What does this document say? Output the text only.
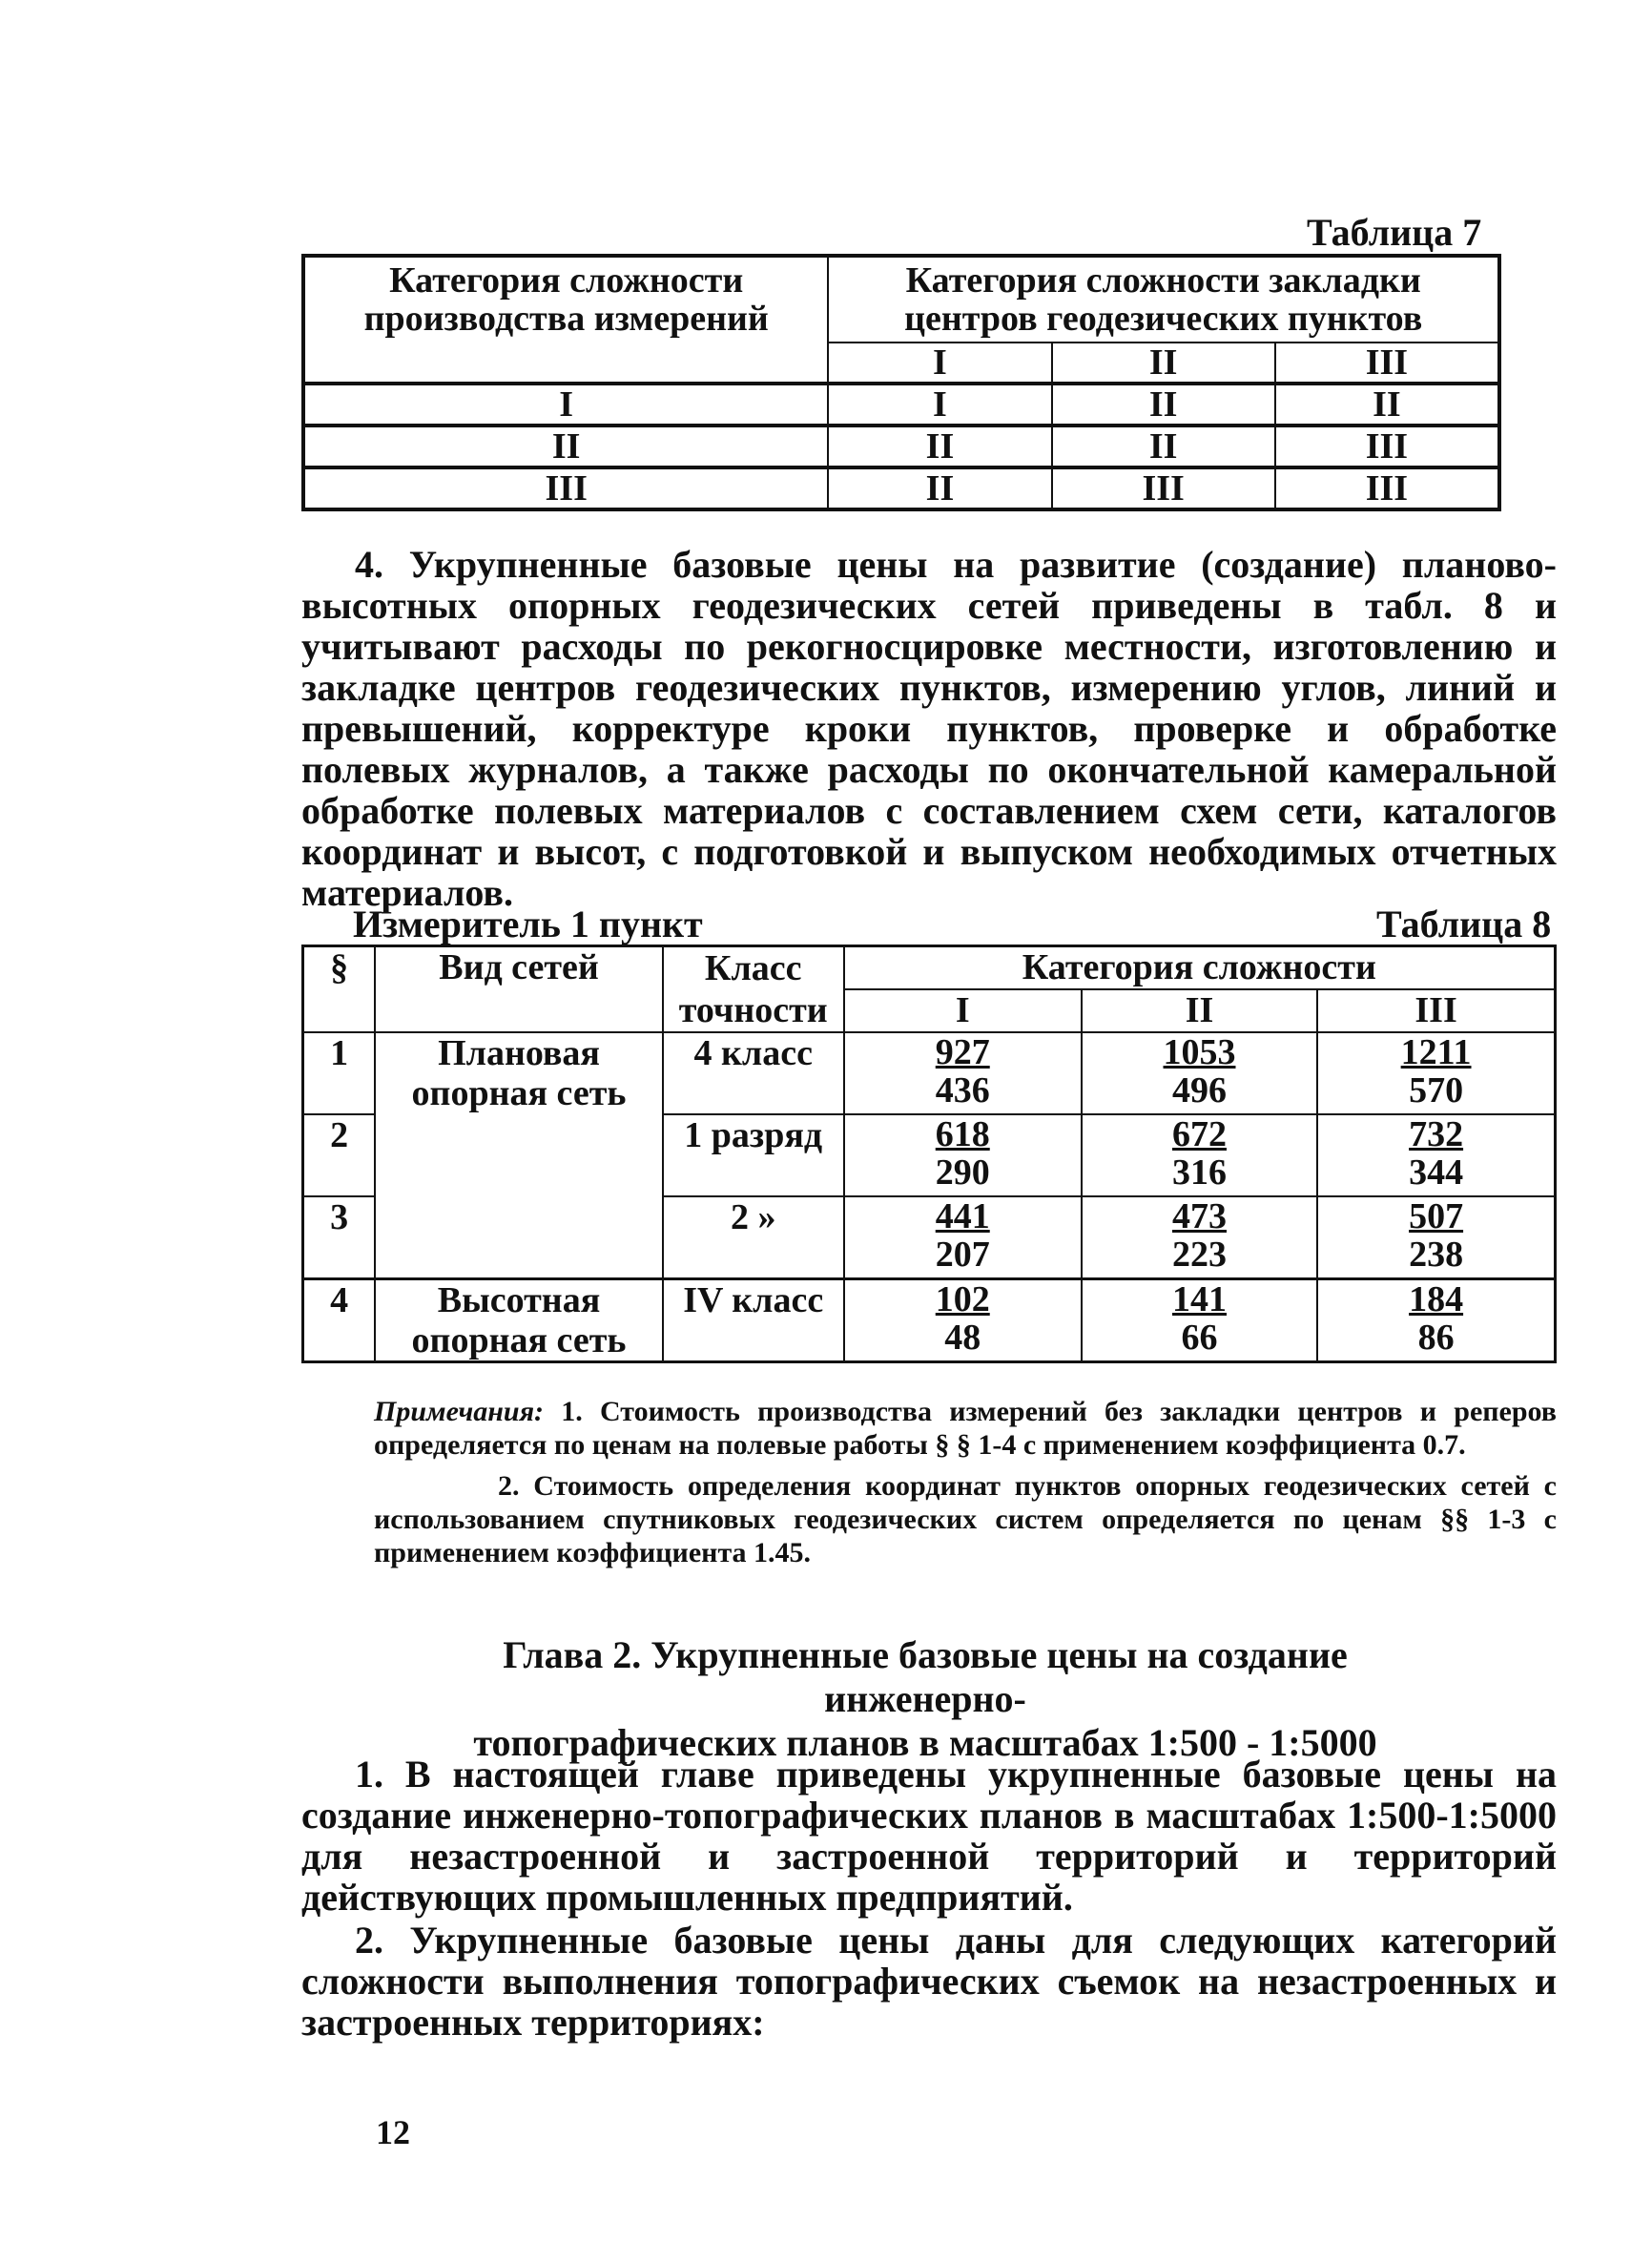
Таблица 7
Категория сложности производства измерений	Категория сложности закладки центров геодезических пунктов		
	I	II	III
I	I	II	II
II	II	II	III
III	II	III	III

4. Укрупненные базовые цены на развитие (создание) планово-высотных опорных геодезических сетей приведены в табл. 8 и учитывают расходы по рекогносцировке местности, изготовлению и закладке центров геодезических пунктов, измерению углов, линий и превышений, корректуре кроки пунктов, проверке и обработке полевых журналов, а также расходы по окончательной камеральной обработке полевых материалов с составлением схем сети, каталогов координат и высот, с подготовкой и выпуском необходимых отчетных материалов.

Измеритель 1 пункт	Таблица 8
§	Вид сетей	Класс точности	Категория сложности		
			I	II	III
1	Плановая опорная сеть	4 класс	$\frac{927}{436}$	$\frac{1053}{496}$	$\frac{1211}{570}$

2		1 разряд	$\frac{618}{290}$	$\frac{672}{316}$	$\frac{732}{344}$

3		2 »	$\frac{441}{207}$	$\frac{473}{223}$	$\frac{507}{238}$

4	Высотная опорная сеть	IV класс	$\frac{102}{48}$	$\frac{141}{66}$	$\frac{184}{86}$

Примечания: 1. Стоимость производства измерений без закладки центров и реперов определяется по ценам на полевые работы § § 1-4 с применением коэффициента 0.7.

2. Стоимость определения координат пунктов опорных геодезических сетей с использованием спутниковых геодезических систем определяется по ценам §§ 1-3 с применением коэффициента 1.45.

Глава 2. Укрупненные базовые цены на создание инженерно-
топографических планов в масштабах 1:500 - 1:5000

1. В настоящей главе приведены укрупненные базовые цены на создание инженерно-топографических планов в масштабах 1:500-1:5000 для незастроенной и застроенной территорий и территорий действующих промышленных предприятий.

2. Укрупненные базовые цены даны для следующих категорий сложности выполнения топографических съемок на незастроенных и застроенных территориях:

12
